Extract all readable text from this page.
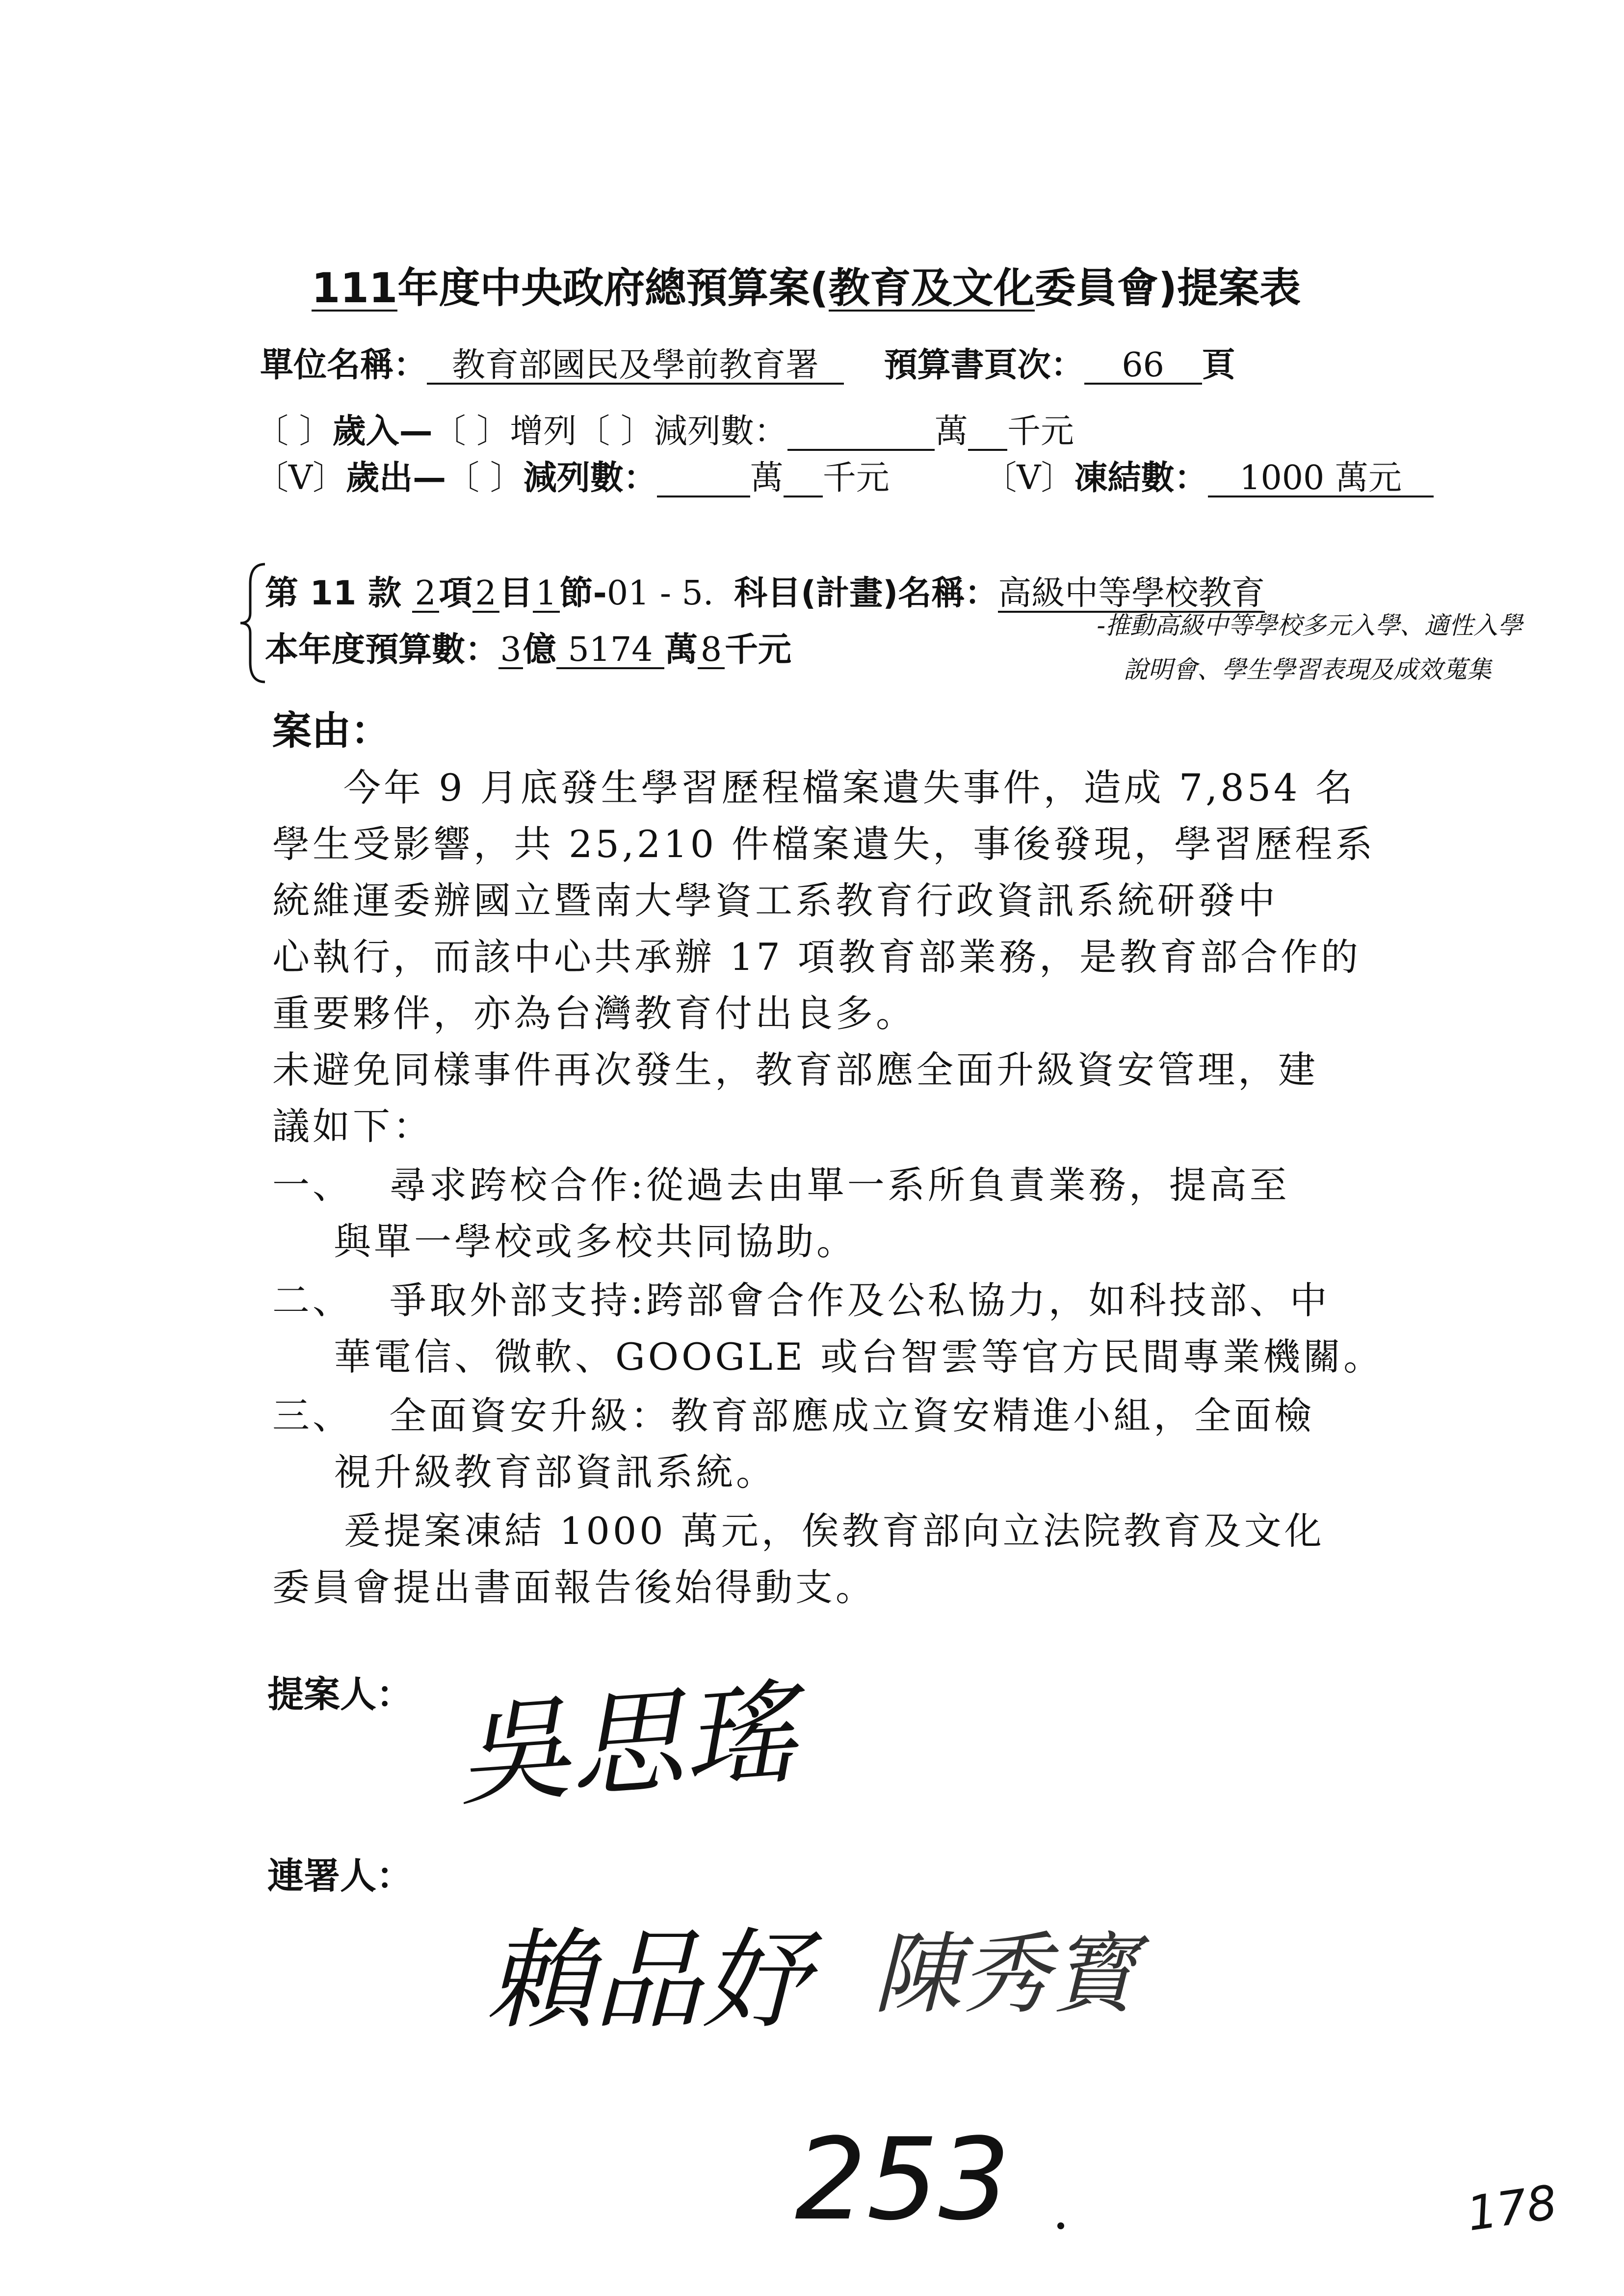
111年度中央政府總預算案(教育及文化委員會)提案表
單位名稱： 教育部國民及學前教育署 預算書頁次： 66 頁
〔 〕歲入—〔 〕增列〔 〕減列數：	萬 千元
〔V〕歲出—〔 〕減列數：	萬 千元	〔V〕凍結數： 1000 萬元
第 11 款 2項2目1節-01 - 5. 科目(計畫)名稱：高級中等學校教育
本年度預算數：3億 5174 萬8千元
-推動高級中等學校多元入學、適性入學
說明會、學生學習表現及成效蒐集
案由：
今年 9 月底發生學習歷程檔案遺失事件，造成 7,854 名
學生受影響，共 25,210 件檔案遺失，事後發現，學習歷程系
統維運委辦國立暨南大學資工系教育行政資訊系統研發中
心執行，而該中心共承辦 17 項教育部業務，是教育部合作的
重要夥伴，亦為台灣教育付出良多。
未避免同樣事件再次發生，教育部應全面升級資安管理，建
議如下：
一、　 尋求跨校合作:從過去由單一系所負責業務，提高至
與單一學校或多校共同協助。
二、　 爭取外部支持:跨部會合作及公私協力，如科技部、中
華電信、微軟、GOOGLE 或台智雲等官方民間專業機關。
三、　 全面資安升級：教育部應成立資安精進小組，全面檢
視升級教育部資訊系統。
爰提案凍結 1000 萬元，俟教育部向立法院教育及文化
委員會提出書面報告後始得動支。
提案人： 吳思瑤
連署人：
賴品妤 陳秀寳
253	178
